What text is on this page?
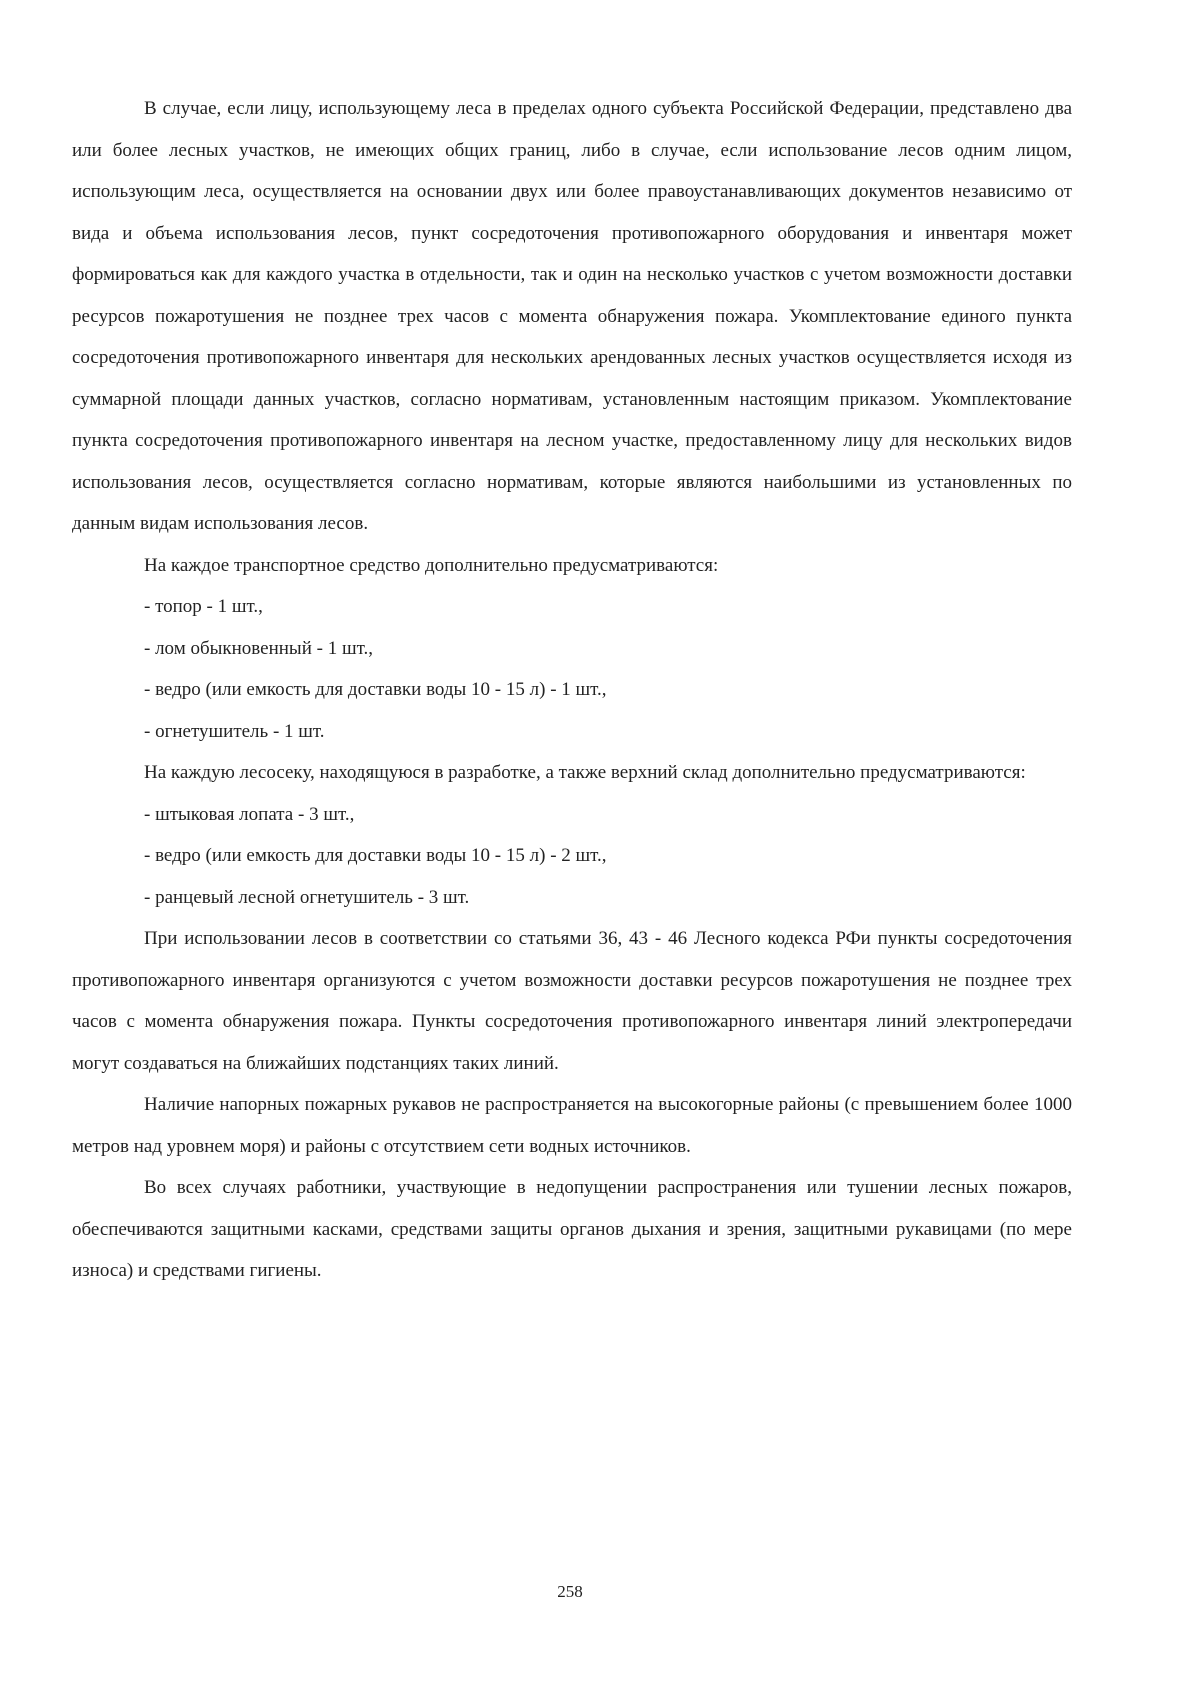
В случае, если лицу, использующему леса в пределах одного субъекта Российской Федерации, представлено два или более лесных участков, не имеющих общих границ, либо в случае, если использование лесов одним лицом, использующим леса, осуществляется на основании двух или более правоустанавливающих документов независимо от вида и объема использования лесов, пункт сосредоточения противопожарного оборудования и инвентаря может формироваться как для каждого участка в отдельности, так и один на несколько участков с учетом возможности доставки ресурсов пожаротушения не позднее трех часов с момента обнаружения пожара. Укомплектование единого пункта сосредоточения противопожарного инвентаря для нескольких арендованных лесных участков осуществляется исходя из суммарной площади данных участков, согласно нормативам, установленным настоящим приказом. Укомплектование пункта сосредоточения противопожарного инвентаря на лесном участке, предоставленному лицу для нескольких видов использования лесов, осуществляется согласно нормативам, которые являются наибольшими из установленных по данным видам использования лесов.

На каждое транспортное средство дополнительно предусматриваются:

- топор - 1 шт.,

- лом обыкновенный - 1 шт.,

- ведро (или емкость для доставки воды 10 - 15 л) - 1 шт.,

- огнетушитель - 1 шт.

На каждую лесосеку, находящуюся в разработке, а также верхний склад дополнительно предусматриваются:

- штыковая лопата - 3 шт.,

- ведро (или емкость для доставки воды 10 - 15 л) - 2 шт.,

- ранцевый лесной огнетушитель - 3 шт.

При использовании лесов в соответствии со статьями 36, 43 - 46 Лесного кодекса РФи пункты сосредоточения противопожарного инвентаря организуются с учетом возможности доставки ресурсов пожаротушения не позднее трех часов с момента обнаружения пожара. Пункты сосредоточения противопожарного инвентаря линий электропередачи могут создаваться на ближайших подстанциях таких линий.

Наличие напорных пожарных рукавов не распространяется на высокогорные районы (с превышением более 1000 метров над уровнем моря) и районы с отсутствием сети водных источников.

Во всех случаях работники, участвующие в недопущении распространения или тушении лесных пожаров, обеспечиваются защитными касками, средствами защиты органов дыхания и зрения, защитными рукавицами (по мере износа) и средствами гигиены.

258
